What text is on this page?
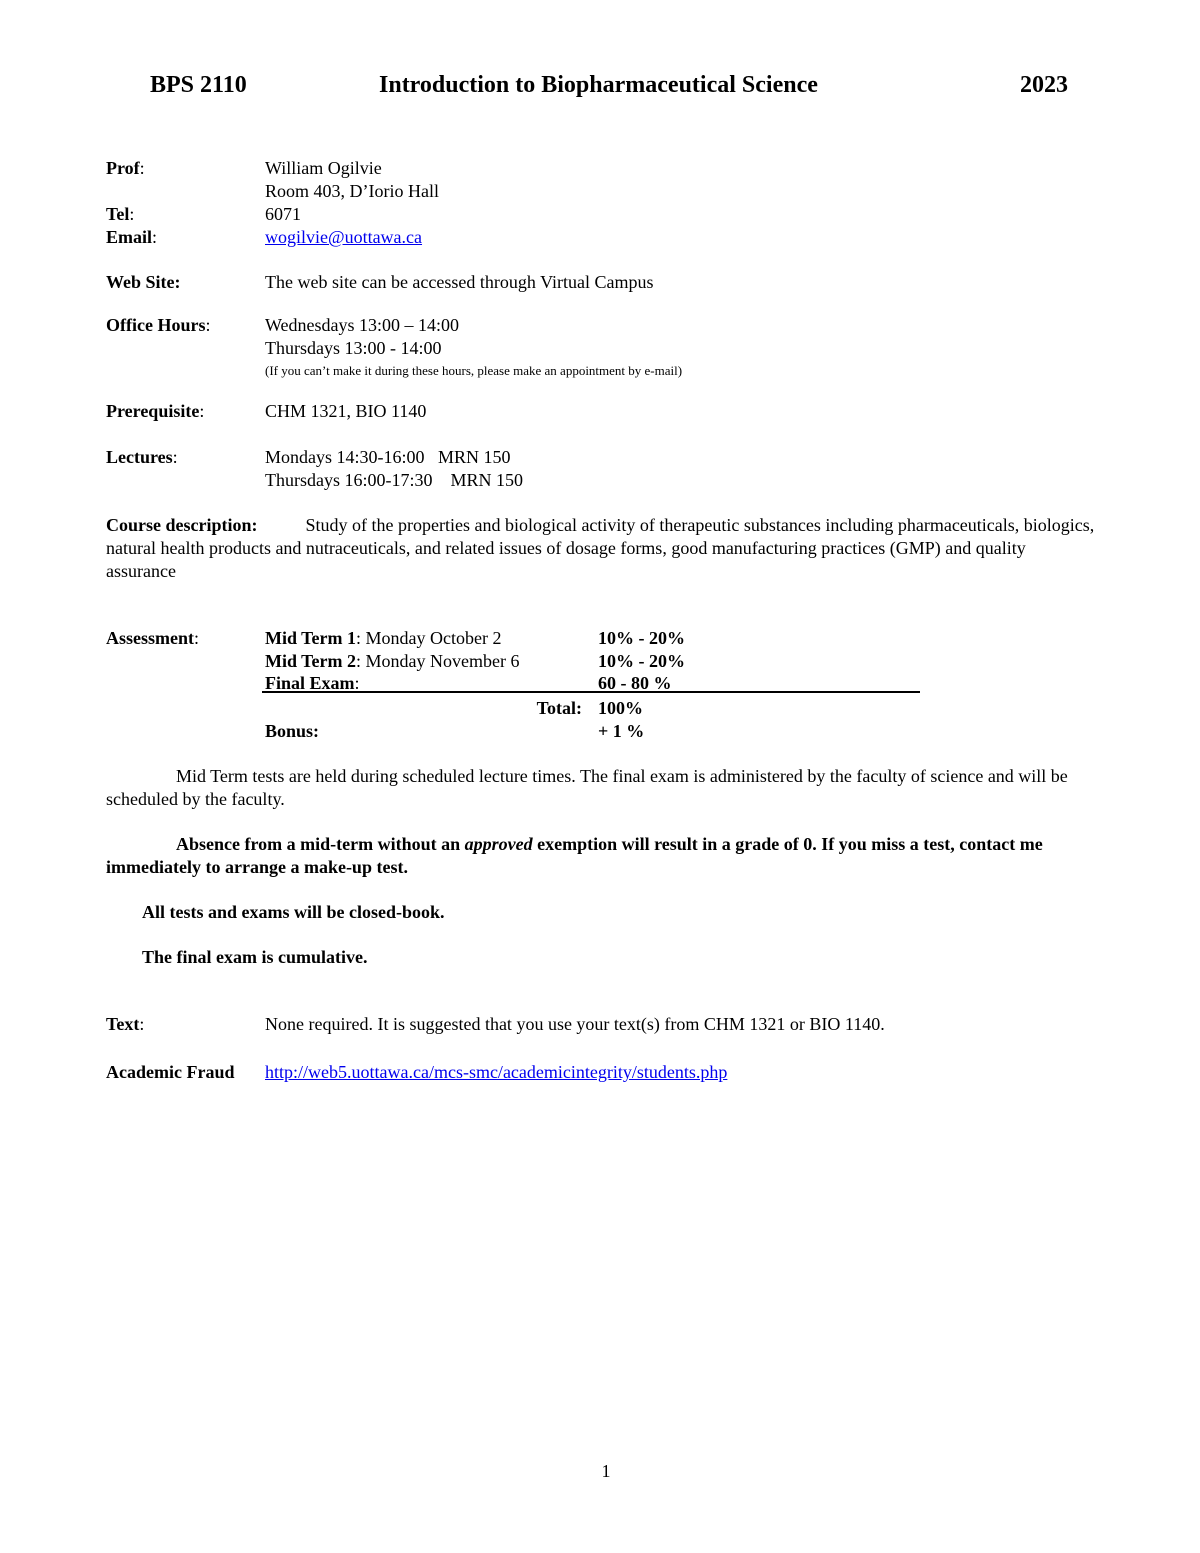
BPS 2110	Introduction to Biopharmaceutical Science	2023
Prof:	William Ogilvie
Room 403, D’Iorio Hall
Tel:	6071
Email:	wogilvie@uottawa.ca
Web Site:	The web site can be accessed through Virtual Campus
Office Hours:	Wednesdays 13:00 – 14:00
Thursdays 13:00 - 14:00
(If you can’t make it during these hours, please make an appointment by e-mail)
Prerequisite:	CHM 1321, BIO 1140
Lectures:	Mondays 14:30-16:00   MRN 150
Thursdays 16:00-17:30    MRN 150
Course description:	Study of the properties and biological activity of therapeutic substances including pharmaceuticals, biologics, natural health products and nutraceuticals, and related issues of dosage forms, good manufacturing practices (GMP) and quality assurance
Assessment:	Mid Term 1: Monday October 2	10% - 20%
Mid Term 2: Monday November 6	10% - 20%
Final Exam:	60 - 80 %
Total: 100%
Bonus:	+ 1 %
Mid Term tests are held during scheduled lecture times. The final exam is administered by the faculty of science and will be scheduled by the faculty.
Absence from a mid-term without an approved exemption will result in a grade of 0. If you miss a test, contact me immediately to arrange a make-up test.
All tests and exams will be closed-book.
The final exam is cumulative.
Text:	None required. It is suggested that you use your text(s) from CHM 1321 or BIO 1140.
Academic Fraud http://web5.uottawa.ca/mcs-smc/academicintegrity/students.php
1
